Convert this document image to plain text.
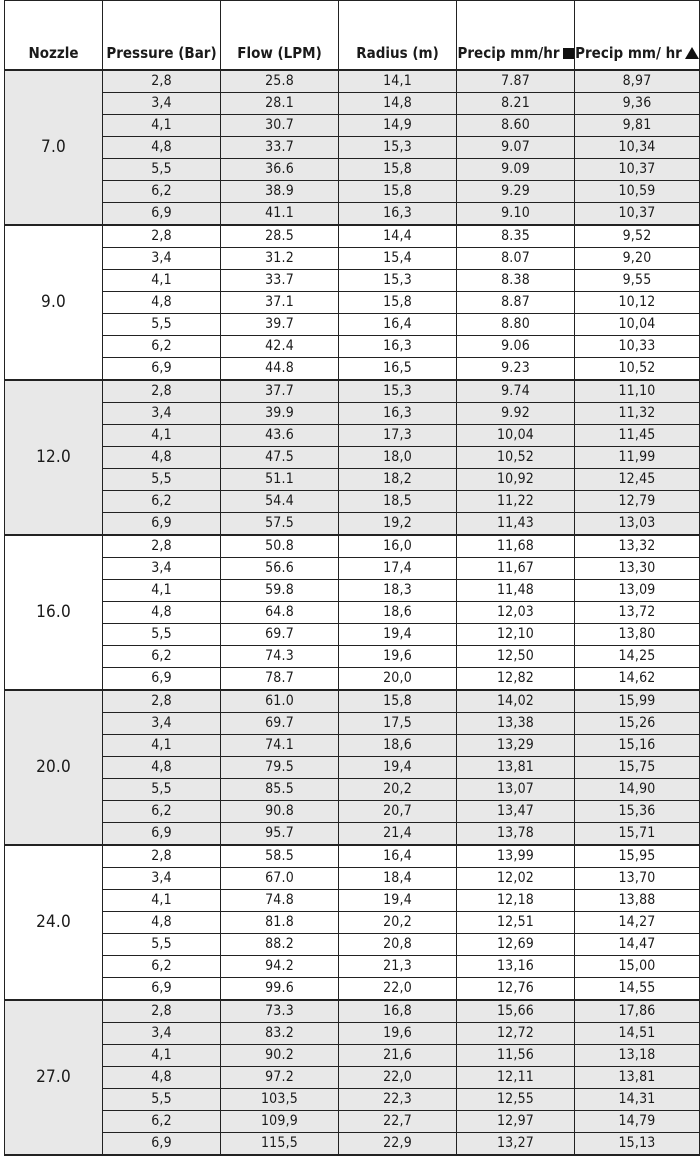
Nozzle	Pressure (Bar)	Flow (LPM)	Radius (m)	Precip mm/hr	Precip mm/ hr
7.0	2,8	25.8	14,1	7.87	8,97
	3,4	28.1	14,8	8.21	9,36
	4,1	30.7	14,9	8.60	9,81
	4,8	33.7	15,3	9.07	10,34
	5,5	36.6	15,8	9.09	10,37
	6,2	38.9	15,8	9.29	10,59
	6,9	41.1	16,3	9.10	10,37
9.0	2,8	28.5	14,4	8.35	9,52
	3,4	31.2	15,4	8.07	9,20
	4,1	33.7	15,3	8.38	9,55
	4,8	37.1	15,8	8.87	10,12
	5,5	39.7	16,4	8.80	10,04
	6,2	42.4	16,3	9.06	10,33
	6,9	44.8	16,5	9.23	10,52
12.0	2,8	37.7	15,3	9.74	11,10
	3,4	39.9	16,3	9.92	11,32
	4,1	43.6	17,3	10,04	11,45
	4,8	47.5	18,0	10,52	11,99
	5,5	51.1	18,2	10,92	12,45
	6,2	54.4	18,5	11,22	12,79
	6,9	57.5	19,2	11,43	13,03
16.0	2,8	50.8	16,0	11,68	13,32
	3,4	56.6	17,4	11,67	13,30
	4,1	59.8	18,3	11,48	13,09
	4,8	64.8	18,6	12,03	13,72
	5,5	69.7	19,4	12,10	13,80
	6,2	74.3	19,6	12,50	14,25
	6,9	78.7	20,0	12,82	14,62
20.0	2,8	61.0	15,8	14,02	15,99
	3,4	69.7	17,5	13,38	15,26
	4,1	74.1	18,6	13,29	15,16
	4,8	79.5	19,4	13,81	15,75
	5,5	85.5	20,2	13,07	14,90
	6,2	90.8	20,7	13,47	15,36
	6,9	95.7	21,4	13,78	15,71
24.0	2,8	58.5	16,4	13,99	15,95
	3,4	67.0	18,4	12,02	13,70
	4,1	74.8	19,4	12,18	13,88
	4,8	81.8	20,2	12,51	14,27
	5,5	88.2	20,8	12,69	14,47
	6,2	94.2	21,3	13,16	15,00
	6,9	99.6	22,0	12,76	14,55
27.0	2,8	73.3	16,8	15,66	17,86
	3,4	83.2	19,6	12,72	14,51
	4,1	90.2	21,6	11,56	13,18
	4,8	97.2	22,0	12,11	13,81
	5,5	103,5	22,3	12,55	14,31
	6,2	109,9	22,7	12,97	14,79
	6,9	115,5	22,9	13,27	15,13
